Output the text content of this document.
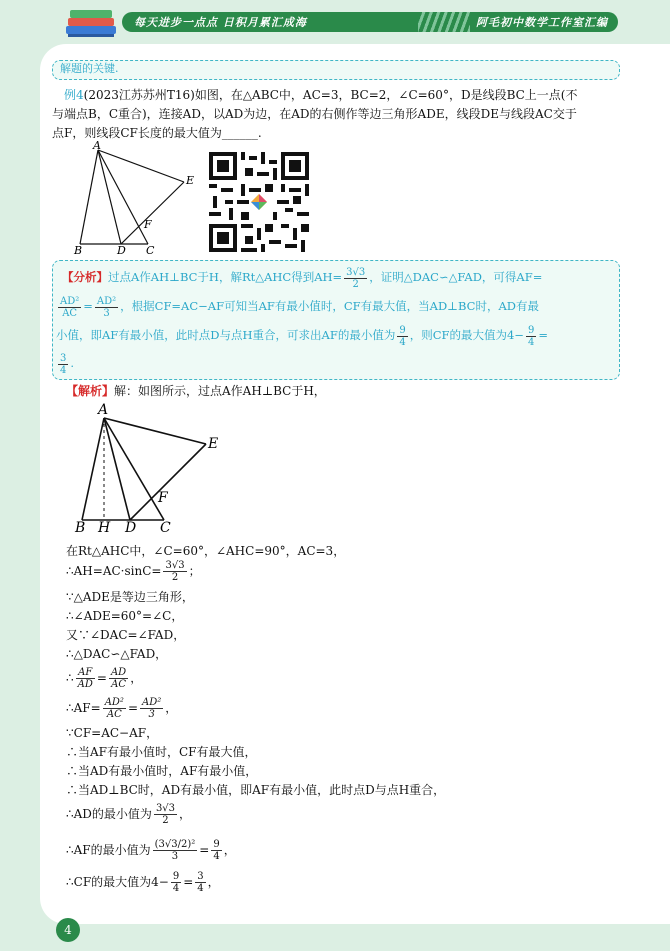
每天进步一点点 日积月累汇成海	阿毛初中数学工作室汇编
解题的关键.
例4(2023江苏苏州T16)如图，在△ABC中，AC=3，BC=2，∠C=60°，D是线段BC上一点(不
与端点B，C重合)，连接AD，以AD为边，在AD的右侧作等边三角形ADE，线段DE与线段AC交于
点F，则线段CF长度的最大值为______.
A
B	D C
E
F
【分析】过点A作AH⊥BC于H，解Rt△AHC得到$AH= \frac{3√3}{2}$ ，证明△DAC∽△FAD，可得AF=
$\frac{\text{AD²}}{AC} = \frac{\text{AD²}}{3}$ ，根据CF=AC−AF可知当AF有最小值时，CF有最大值，当AD⊥BC时，AD有最
小值，即AF有最小值，此时点D与点H重合，可求出AF的最小值为 $\frac{9}{4}$ ，则CF的最大值为$4- \frac{9}{4}$ =
$\frac{3}{4}$ .
【解析】解：如图所示，过点A作AH⊥BC于H，
A
B H D C
E
F
在Rt△AHC中，∠C=60°，∠AHC=90°，AC=3，
∴AH=AC·sinC= $\frac{3√3}{2}$ ；
∵△ADE是等边三角形，
∴∠ADE=60°=∠C，
又∵∠DAC=∠FAD，
∴△DAC∽△FAD，
∴ $\frac{AF}{AD} = \frac{AD}{AC}$ ，
∴AF= $\frac{\text{AD²}}{AC} = \frac{\text{AD²}}{3}$ ，
∵CF=AC−AF，
∴当AF有最小值时，CF有最大值，
∴当AD有最小值时，AF有最小值，
∴当AD⊥BC时，AD有最小值，即AF有最小值，此时点D与点H重合，
∴AD的最小值为 $\frac{3√3}{2}$ ，
∴AF的最小值为 $\frac{\text{(3√3/2)²}}{3} = \frac{9}{4}$ ，
∴CF的最大值为$4- \frac{9}{4} = \frac{3}{4}$ ，
4
